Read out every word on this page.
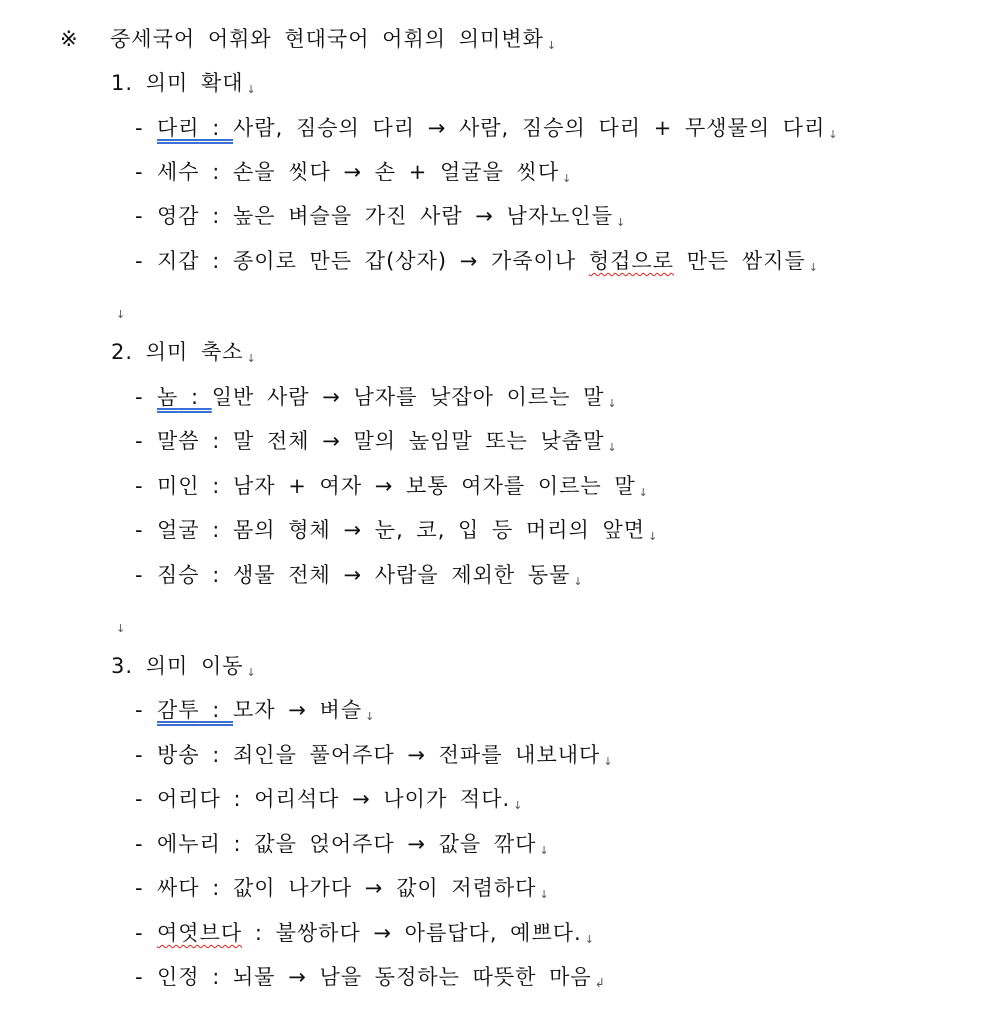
※ 중세국어 어휘와 현대국어 어휘의 의미변화 ↓
1. 의미 확대 ↓
- 다리 : 사람, 짐승의 다리 → 사람, 짐승의 다리 + 무생물의 다리 ↓
- 세수 : 손을 씻다 → 손 + 얼굴을 씻다 ↓
- 영감 : 높은 벼슬을 가진 사람 → 남자노인들 ↓
- 지갑 : 종이로 만든 갑(상자) → 가죽이나 헝겁으로 만든 쌈지들 ↓
↓
2. 의미 축소 ↓
- 놈 : 일반 사람 → 남자를 낮잡아 이르는 말 ↓
- 말씀 : 말 전체 → 말의 높임말 또는 낮춤말 ↓
- 미인 : 남자 + 여자 → 보통 여자를 이르는 말 ↓
- 얼굴 : 몸의 형체 → 눈, 코, 입 등 머리의 앞면 ↓
- 짐승 : 생물 전체 → 사람을 제외한 동물 ↓
↓
3. 의미 이동 ↓
- 감투 : 모자 → 벼슬 ↓
- 방송 : 죄인을 풀어주다 → 전파를 내보내다 ↓
- 어리다 : 어리석다 → 나이가 적다. ↓
- 에누리 : 값을 얹어주다 → 값을 깎다 ↓
- 싸다 : 값이 나가다 → 값이 저렴하다 ↓
- 여엿브다 : 불쌍하다 → 아름답다, 예쁘다. ↓
- 인정 : 뇌물 → 남을 동정하는 따뜻한 마음 ↲
